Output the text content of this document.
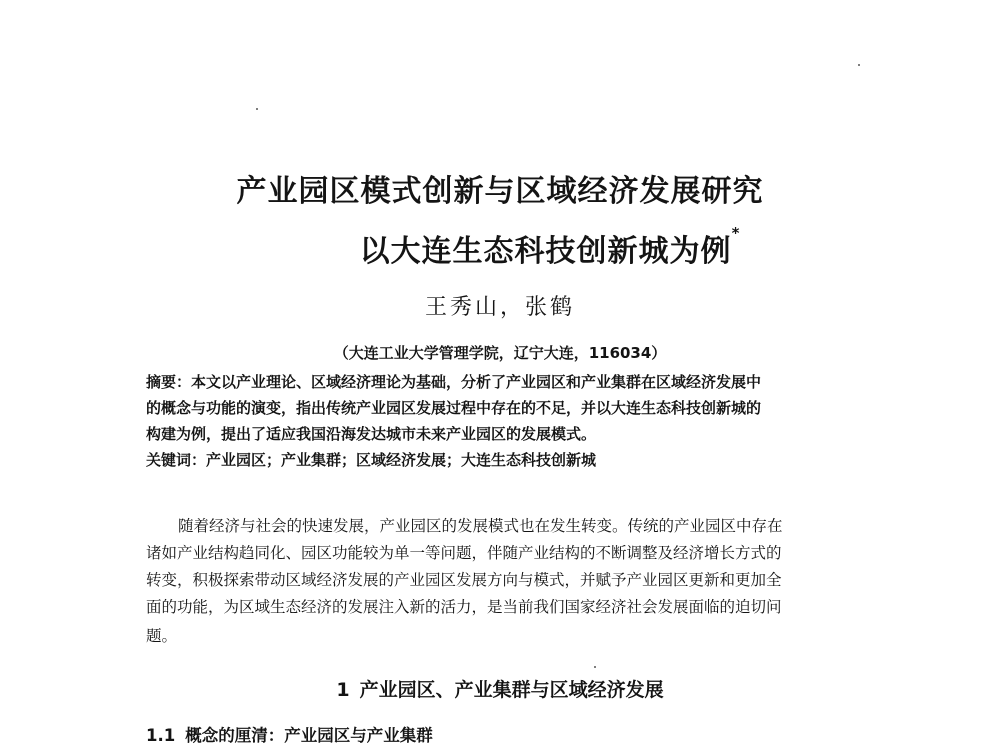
产业园区模式创新与区域经济发展研究
以大连生态科技创新城为例*
王秀山，张鹤
（大连工业大学管理学院，辽宁大连，116034）
摘要：本文以产业理论、区域经济理论为基础，分析了产业园区和产业集群在区域经济发展中
的概念与功能的演变，指出传统产业园区发展过程中存在的不足，并以大连生态科技创新城的
构建为例，提出了适应我国沿海发达城市未来产业园区的发展模式。
关键词：产业园区；产业集群；区域经济发展；大连生态科技创新城
随着经济与社会的快速发展，产业园区的发展模式也在发生转变。传统的产业园区中存在
诸如产业结构趋同化、园区功能较为单一等问题，伴随产业结构的不断调整及经济增长方式的
转变，积极探索带动区域经济发展的产业园区发展方向与模式，并赋予产业园区更新和更加全
面的功能，为区域生态经济的发展注入新的活力，是当前我们国家经济社会发展面临的迫切问
题。
1 产业园区、产业集群与区域经济发展
1.1 概念的厘清：产业园区与产业集群
